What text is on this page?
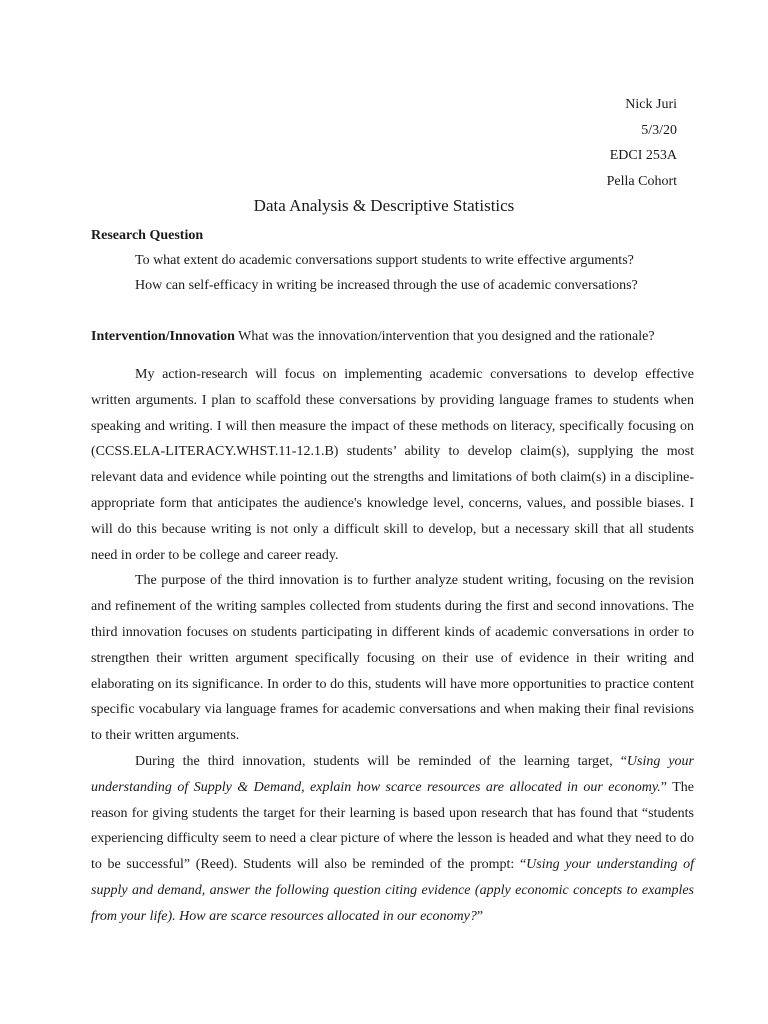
Nick Juri
5/3/20
EDCI 253A
Pella Cohort
Data Analysis & Descriptive Statistics
Research Question
To what extent do academic conversations support students to write effective arguments?
How can self-efficacy in writing be increased through the use of academic conversations?
Intervention/Innovation What was the innovation/intervention that you designed and the rationale?

My action-research will focus on implementing academic conversations to develop effective written arguments. I plan to scaffold these conversations by providing language frames to students when speaking and writing. I will then measure the impact of these methods on literacy, specifically focusing on (CCSS.ELA-LITERACY.WHST.11-12.1.B) students’ ability to develop claim(s), supplying the most relevant data and evidence while pointing out the strengths and limitations of both claim(s) in a discipline-appropriate form that anticipates the audience's knowledge level, concerns, values, and possible biases. I will do this because writing is not only a difficult skill to develop, but a necessary skill that all students need in order to be college and career ready.

The purpose of the third innovation is to further analyze student writing, focusing on the revision and refinement of the writing samples collected from students during the first and second innovations. The third innovation focuses on students participating in different kinds of academic conversations in order to strengthen their written argument specifically focusing on their use of evidence in their writing and elaborating on its significance. In order to do this, students will have more opportunities to practice content specific vocabulary via language frames for academic conversations and when making their final revisions to their written arguments.

During the third innovation, students will be reminded of the learning target, “Using your understanding of Supply & Demand, explain how scarce resources are allocated in our economy.” The reason for giving students the target for their learning is based upon research that has found that “students experiencing difficulty seem to need a clear picture of where the lesson is headed and what they need to do to be successful” (Reed). Students will also be reminded of the prompt: “Using your understanding of supply and demand, answer the following question citing evidence (apply economic concepts to examples from your life). How are scarce resources allocated in our economy?”
